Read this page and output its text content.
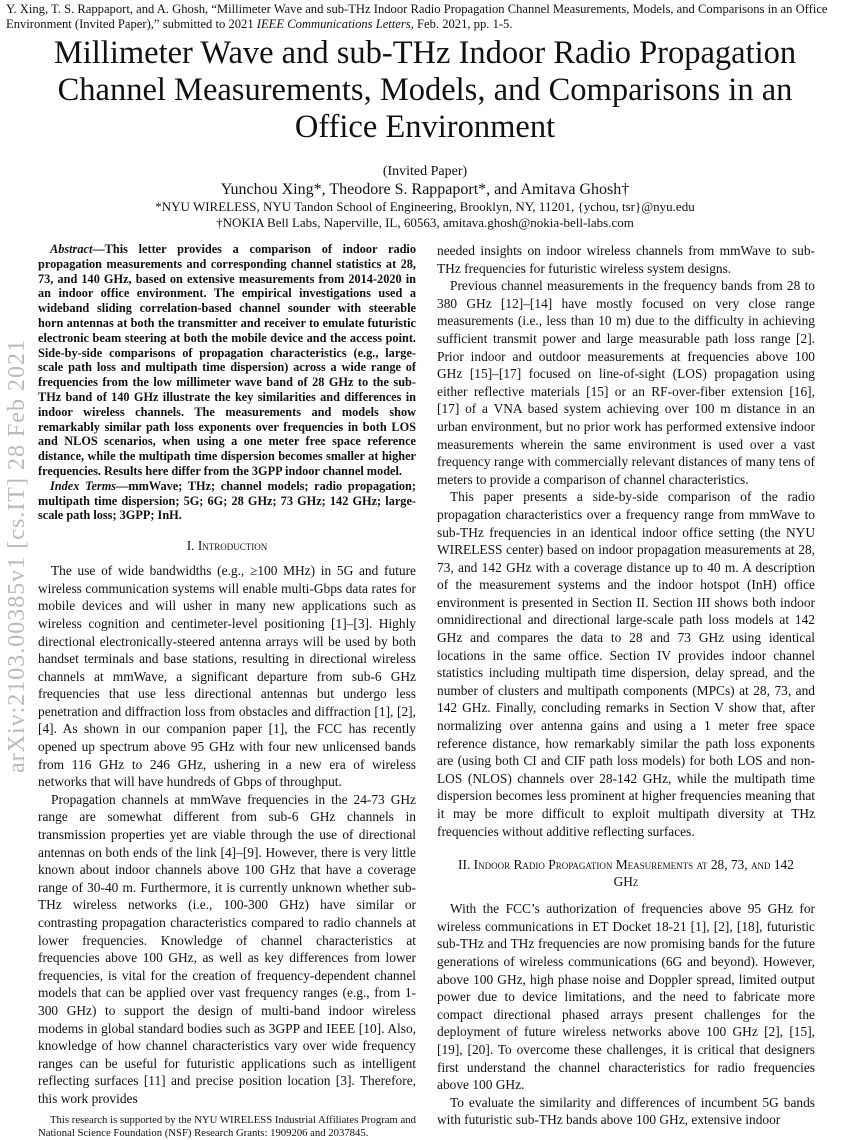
Y. Xing, T. S. Rappaport, and A. Ghosh, “Millimeter Wave and sub-THz Indoor Radio Propagation Channel Measurements, Models, and Comparisons in an Office Environment (Invited Paper),” submitted to 2021 IEEE Communications Letters, Feb. 2021, pp. 1-5.
Millimeter Wave and sub-THz Indoor Radio Propagation Channel Measurements, Models, and Comparisons in an Office Environment
(Invited Paper)
Yunchou Xing*, Theodore S. Rappaport*, and Amitava Ghosh†
*NYU WIRELESS, NYU Tandon School of Engineering, Brooklyn, NY, 11201, {ychou, tsr}@nyu.edu
†NOKIA Bell Labs, Naperville, IL, 60563, amitava.ghosh@nokia-bell-labs.com
arXiv:2103.00385v1 [cs.IT] 28 Feb 2021

Abstract—This letter provides a comparison of indoor radio propagation measurements and corresponding channel statistics at 28, 73, and 140 GHz, based on extensive measurements from 2014-2020 in an indoor office environment. The empirical investigations used a wideband sliding correlation-based channel sounder with steerable horn antennas at both the transmitter and receiver to emulate futuristic electronic beam steering at both the mobile device and the access point. Side-by-side comparisons of propagation characteristics (e.g., large-scale path loss and multipath time dispersion) across a wide range of frequencies from the low millimeter wave band of 28 GHz to the sub-THz band of 140 GHz illustrate the key similarities and differences in indoor wireless channels. The measurements and models show remarkably similar path loss exponents over frequencies in both LOS and NLOS scenarios, when using a one meter free space reference distance, while the multipath time dispersion becomes smaller at higher frequencies. Results here differ from the 3GPP indoor channel model.

Index Terms—mmWave; THz; channel models; radio propagation; multipath time dispersion; 5G; 6G; 28 GHz; 73 GHz; 142 GHz; large-scale path loss; 3GPP; InH.

I. Introduction

The use of wide bandwidths (e.g., ≥100 MHz) in 5G and future wireless communication systems will enable multi-Gbps data rates for mobile devices and will usher in many new applications such as wireless cognition and centimeter-level positioning [1]–[3]. Highly directional electronically-steered antenna arrays will be used by both handset terminals and base stations, resulting in directional wireless channels at mmWave, a significant departure from sub-6 GHz frequencies that use less directional antennas but undergo less penetration and diffraction loss from obstacles and diffraction [1], [2], [4]. As shown in our companion paper [1], the FCC has recently opened up spectrum above 95 GHz with four new unlicensed bands from 116 GHz to 246 GHz, ushering in a new era of wireless networks that will have hundreds of Gbps of throughput.

Propagation channels at mmWave frequencies in the 24-73 GHz range are somewhat different from sub-6 GHz channels in transmission properties yet are viable through the use of directional antennas on both ends of the link [4]–[9]. However, there is very little known about indoor channels above 100 GHz that have a coverage range of 30-40 m. Furthermore, it is currently unknown whether sub-THz wireless networks (i.e., 100-300 GHz) have similar or contrasting propagation characteristics compared to radio channels at lower frequencies. Knowledge of channel characteristics at frequencies above 100 GHz, as well as key differences from lower frequencies, is vital for the creation of frequency-dependent channel models that can be applied over vast frequency ranges (e.g., from 1-300 GHz) to support the design of multi-band indoor wireless modems in global standard bodies such as 3GPP and IEEE [10]. Also, knowledge of how channel characteristics vary over wide frequency ranges can be useful for futuristic applications such as intelligent reflecting surfaces [11] and precise position location [3]. Therefore, this work provides

This research is supported by the NYU WIRELESS Industrial Affiliates Program and National Science Foundation (NSF) Research Grants: 1909206 and 2037845.

needed insights on indoor wireless channels from mmWave to sub-THz frequencies for futuristic wireless system designs.

Previous channel measurements in the frequency bands from 28 to 380 GHz [12]–[14] have mostly focused on very close range measurements (i.e., less than 10 m) due to the difficulty in achieving sufficient transmit power and large measurable path loss range [2]. Prior indoor and outdoor measurements at frequencies above 100 GHz [15]–[17] focused on line-of-sight (LOS) propagation using either reflective materials [15] or an RF-over-fiber extension [16], [17] of a VNA based system achieving over 100 m distance in an urban environment, but no prior work has performed extensive indoor measurements wherein the same environment is used over a vast frequency range with commercially relevant distances of many tens of meters to provide a comparison of channel characteristics.

This paper presents a side-by-side comparison of the radio propagation characteristics over a frequency range from mmWave to sub-THz frequencies in an identical indoor office setting (the NYU WIRELESS center) based on indoor propagation measurements at 28, 73, and 142 GHz with a coverage distance up to 40 m. A description of the measurement systems and the indoor hotspot (InH) office environment is presented in Section II. Section III shows both indoor omnidirectional and directional large-scale path loss models at 142 GHz and compares the data to 28 and 73 GHz using identical locations in the same office. Section IV provides indoor channel statistics including multipath time dispersion, delay spread, and the number of clusters and multipath components (MPCs) at 28, 73, and 142 GHz. Finally, concluding remarks in Section V show that, after normalizing over antenna gains and using a 1 meter free space reference distance, how remarkably similar the path loss exponents are (using both CI and CIF path loss models) for both LOS and non-LOS (NLOS) channels over 28-142 GHz, while the multipath time dispersion becomes less prominent at higher frequencies meaning that it may be more difficult to exploit multipath diversity at THz frequencies without additive reflecting surfaces.

II. Indoor Radio Propagation Measurements at 28, 73, and 142 GHz

With the FCC’s authorization of frequencies above 95 GHz for wireless communications in ET Docket 18-21 [1], [2], [18], futuristic sub-THz and THz frequencies are now promising bands for the future generations of wireless communications (6G and beyond). However, above 100 GHz, high phase noise and Doppler spread, limited output power due to device limitations, and the need to fabricate more compact directional phased arrays present challenges for the deployment of future wireless networks above 100 GHz [2], [15], [19], [20]. To overcome these challenges, it is critical that designers first understand the channel characteristics for radio frequencies above 100 GHz.

To evaluate the similarity and differences of incumbent 5G bands with futuristic sub-THz bands above 100 GHz, extensive indoor
